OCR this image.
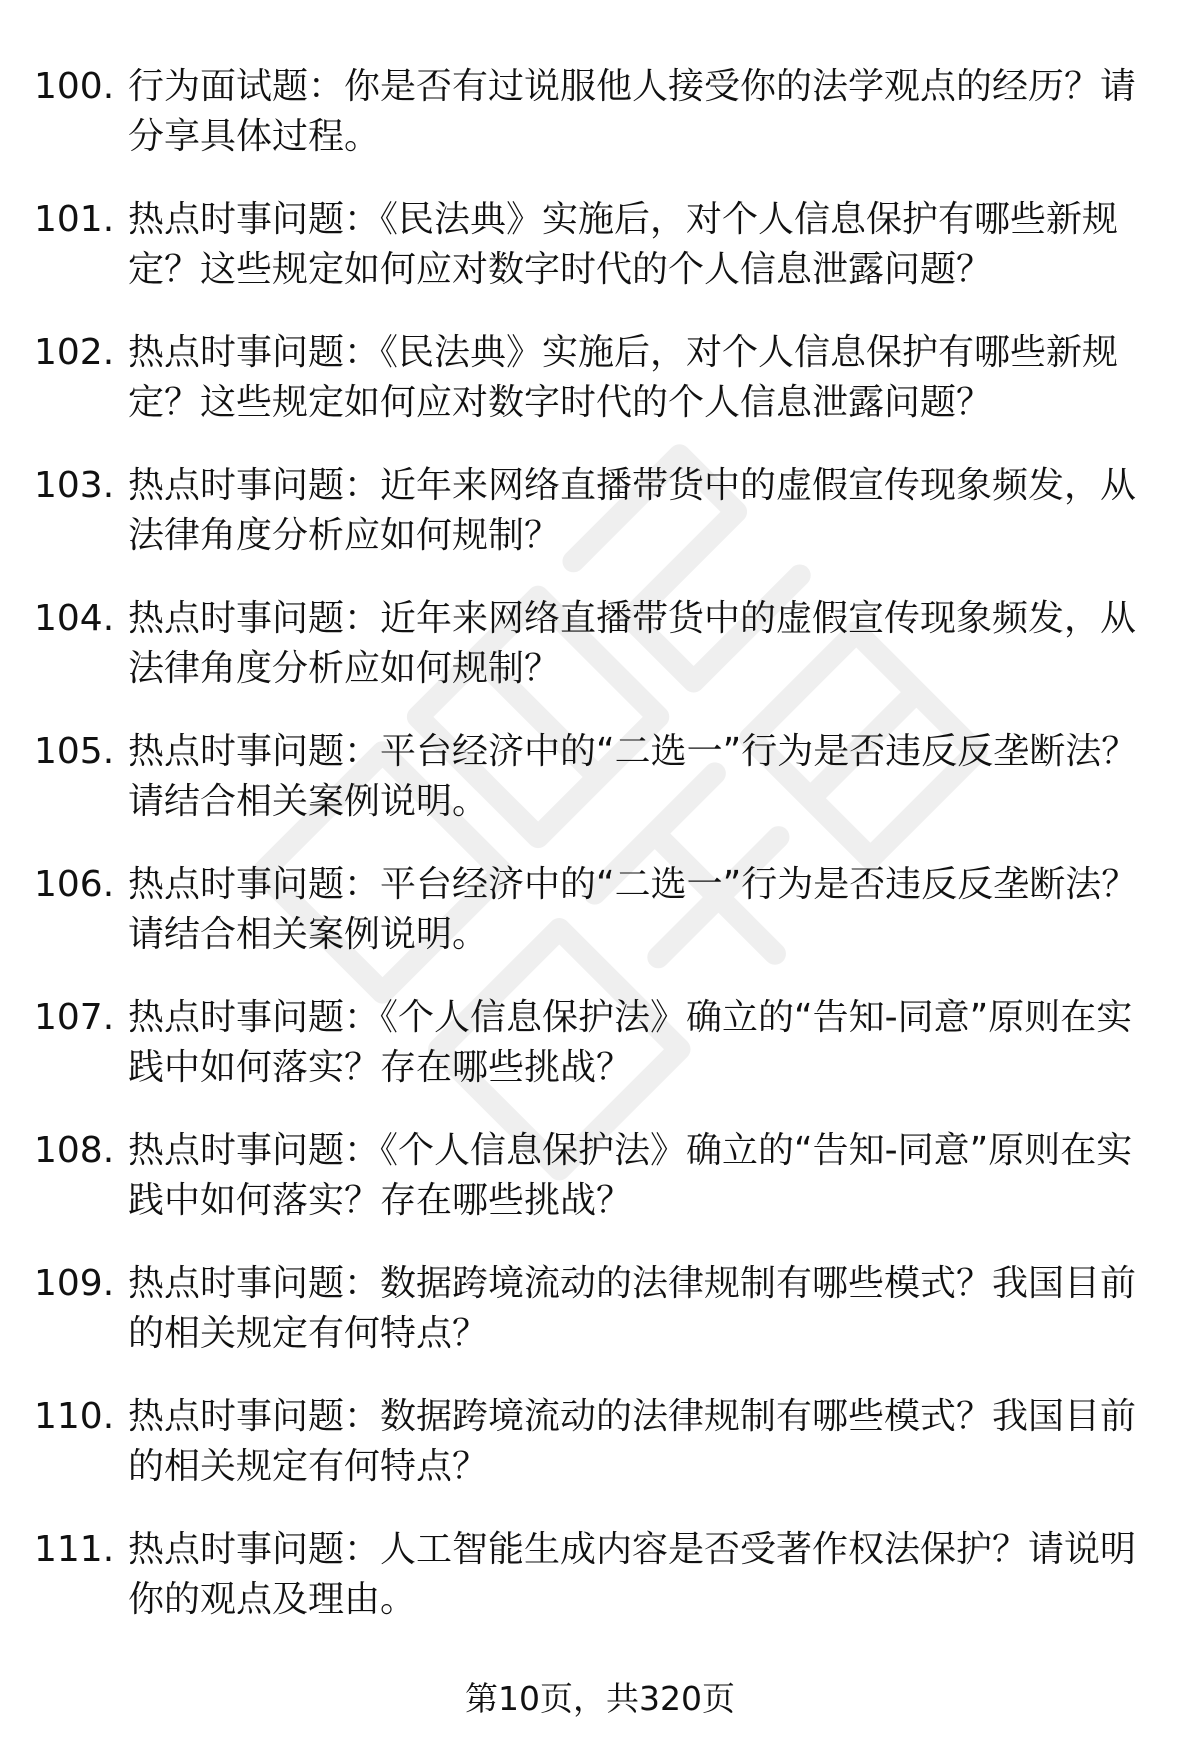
100. 行为面试题：你是否有过说服他人接受你的法学观点的经历？请分享具体过程。
101. 热点时事问题：《民法典》实施后，对个人信息保护有哪些新规定？这些规定如何应对数字时代的个人信息泄露问题？
102. 热点时事问题：《民法典》实施后，对个人信息保护有哪些新规定？这些规定如何应对数字时代的个人信息泄露问题？
103. 热点时事问题：近年来网络直播带货中的虚假宣传现象频发，从法律角度分析应如何规制？
104. 热点时事问题：近年来网络直播带货中的虚假宣传现象频发，从法律角度分析应如何规制？
105. 热点时事问题：平台经济中的“二选一”行为是否违反反垄断法？请结合相关案例说明。
106. 热点时事问题：平台经济中的“二选一”行为是否违反反垄断法？请结合相关案例说明。
107. 热点时事问题：《个人信息保护法》确立的“告知-同意”原则在实践中如何落实？存在哪些挑战？
108. 热点时事问题：《个人信息保护法》确立的“告知-同意”原则在实践中如何落实？存在哪些挑战？
109. 热点时事问题：数据跨境流动的法律规制有哪些模式？我国目前的相关规定有何特点？
110. 热点时事问题：数据跨境流动的法律规制有哪些模式？我国目前的相关规定有何特点？
111. 热点时事问题：人工智能生成内容是否受著作权法保护？请说明你的观点及理由。
第10页，共320页
